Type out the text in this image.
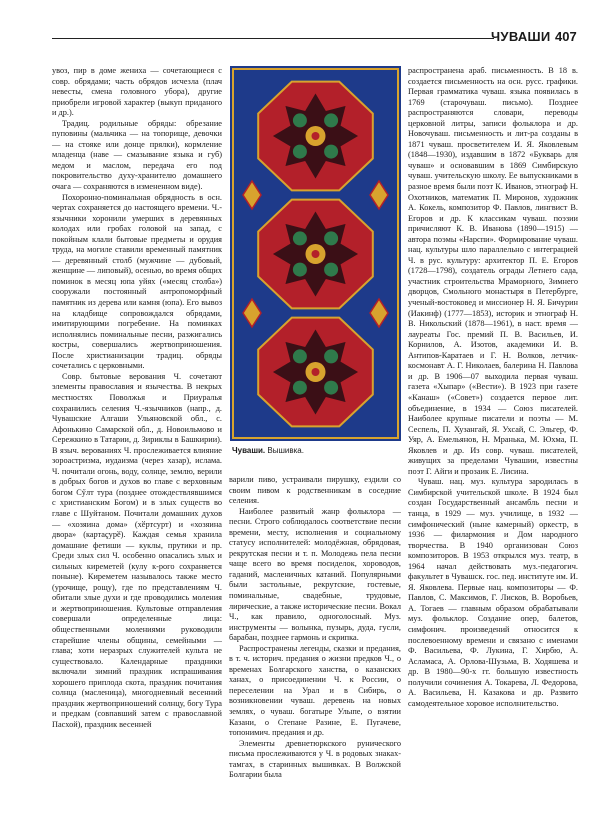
ЧУВАШИ 407

увоз, пир в доме жениха — сочетающиеся с совр. обрядами; часть обрядов исчезла (плач невесты, смена головного убора), другие приобрели игровой характер (выкуп приданого и др.).

Традиц. родильные обряды: обрезание пуповины (мальчика — на топорище, девочки — на стояке или донце прялки), кормление младенца (наве — смазывание языка и губ) медом и маслом, передача его под покровительство духу-хранителю домашнего очага — сохраняются в измененном виде).

Похоронно-поминальная обрядность в осн. чертах сохраняется до настоящего времени. Ч.-язычники хоронили умерших в деревянных колодах или гробах головой на запад, с покойным клали бытовые предметы и орудия труда, на могиле ставили временный памятник — деревянный столб (мужчине — дубовый, женщине — липовый), осенью, во время общих поминок в месяц юпа уйях («месяц столба») сооружали постоянный антропоморфный памятник из дерева или камня (юпа). Его вывоз на кладбище сопровождался обрядами, имитирующими погребение. На поминках исполнялись поминальные песни, разжигались костры, совершались жертвоприношения. После христианизации традиц. обряды сочетались с церковными.

Совр. бытовые верования Ч. сочетают элементы православия и язычества. В некрых местностях Поволжья и Приуралья сохранились селения Ч.-язычников (напр., д. Чувашские Алгаши Ульяновской обл., с. Афонькино Самарской обл., д. Новоильмово и Сережкино в Татарии, д. Зириклы в Башкирии). В языч. верованиях Ч. прослеживается влияние зороастризма, иудаизма (через хазар), ислама. Ч. почитали огонь, воду, солнце, землю, верили в добрых богов и духов во главе с верховным богом Сӳлт тура (позднее отождествлявшимся с христианским Богом) и в злых существ во главе с Шуйтаном. Почитали домашних духов — «хозяина дома» (хӗртсурт) и «хозяина двора» (картаҫурӗ). Каждая семья хранила домашние фетиши — куклы, прутики и пр. Среди злых сил Ч. особенно опасались злых и сильных киреметей (кулу к-рого сохраняется поныне). Киреметем называлось также место (урочище, рощу), где по представлениям Ч. обитали злые духи и где проводились моления и жертвоприношения. Культовые отправления совершали определенные лица: общественными молениями руководили старейшие члены общины, семейными — глава; хоти неразрых служителей культа не существовало. Календарные праздники включали зимний праздник испрашивания хорошего приплода скота, праздник почитания солнца (масленица), многодневный весенний праздник жертвоприношений солнцу, богу Тура и предкам (совпавший затем с православной Пасхой), праздник весенней

Чуваши. Вышивка.

варили пиво, устраивали пирушку, ездили со своим пивом к родственникам в соседние селения.

Наиболее развитый жанр фольклора — песни. Строго соблюдалось соответствие песни времени, месту, исполнения и социальному статусу исполнителей: молодёжная, обрядовая, рекрутская песни и т. п. Молодежь пела песни чаще всего во время посиделок, хороводов, гаданий, масленичных катаний. Популярными были застольные, рекрутские, гостевые, поминальные, свадебные, трудовые, лирические, а также исторические песни. Вокал Ч., как правило, одноголосный. Муз. инструменты — волынка, пузырь, дуда, гусли, барабан, позднее гармонь и скрипка.

Распространены легенды, сказки и предания, в т. ч. историч. предания о жизни предков Ч., о временах Болгарского ханства, о казанских ханах, о присоединении Ч. к России, о переселении на Урал и в Сибирь, о возникновении чуваш. деревень на новых землях, о чуваш. богатыре Улыпе, о взятии Казани, о Степане Разине, Е. Пугачеве, топонимич. предания и др.

Элементы древнетюркского рунического письма прослеживаются у Ч. в родовых знаках-тамгах, в старинных вышивках. В Волжской Болгарии была

распространена араб. письменность. В 18 в. создается письменность на осн. русс. графики. Первая грамматика чуваш. языка появилась в 1769 (старочуваш. письмо). Позднее распространяются словари, переводы церковной литры, записи фольклора и др. Новочуваш. письменность и лит-ра созданы в 1871 чуваш. просветителем И. Я. Яковлевым (1848—1930), издавшим в 1872 «Букварь для чуваш» и основавшим в 1869 Симбирскую чуваш. учительскую школу. Ее выпускниками в разное время были поэт К. Иванов, этнограф Н. Охотников, математик П. Миронов, художник А. Кокель, композитор Ф. Павлов, лингвист В. Егоров и др. К классикам чуваш. поэзии причисляют К. В. Иванова (1890—1915) — автора поэмы «Нарспи». Формирование чуваш. нац. культуры шло параллельно с интеграцией Ч. в рус. культуру: архитектор П. Е. Егоров (1728—1798), создатель ограды Летнего сада, участник строительства Мраморного, Зимнего дворцов, Смольного монастыря в Петербурге, ученый-востоковед и миссионер Н. Я. Бичурин (Иакинф) (1777—1853), историк и этнограф Н. В. Никольский (1878—1961), в наст. время — лауреаты Гос. премий П. В. Васильев, И. Корнилов, А. Изотов, академики И. В. Антипов-Каратаев и Г. Н. Волков, летчик-космонавт А. Г. Николаев, балерина Н. Павлова и др. В 1906—07 выходила первая чуваш. газета «Хыпар» («Вести»). В 1923 при газете «Канаш» («Совет») создается первое лит. объединение, в 1934 — Союз писателей. Наиболее крупные писатели и поэты — М. Сеспель, П. Хузангай, Я. Ухсай, С. Эльгер, Ф. Уяр, А. Емельянов, Н. Мранька, М. Юхма, П. Яковлев и др. Из совр. чуваш. писателей, живущих за пределами Чувашии, известны поэт Г. Айги и прозаик Е. Лисина.

Чуваш. нац. муз. культура зародилась в Симбирской учительской школе. В 1924 был создан Государственный ансамбль песни и танца, в 1929 — муз. училище, в 1932 — симфонический (ныне камерный) оркестр, в 1936 — филармония и Дом народного творчества. В 1940 организован Союз композиторов. В 1953 открылся муз. театр, в 1964 начал действовать муз.-педагогич. факультет в Чувашск. гос. пед. институте им. И. Я. Яковлева. Первые нац. композиторы — Ф. Павлов, С. Максимов, Г. Лисков, В. Воробьев, А. Тогаев — главным образом обрабатывали муз. фольклор. Создание опер, балетов, симфонич. произведений относится к послевоенному времени и связано с именами Ф. Васильева, Ф. Лукина, Г. Хирбю, А. Асламаса, А. Орлова-Шузьма, В. Ходяшева и др. В 1980—90-х гг. большую известность получили сочинения А. Токарева, Л. Федорова, А. Васильева, Н. Казакова и др. Развито самодеятельное хоровое исполнительство.
